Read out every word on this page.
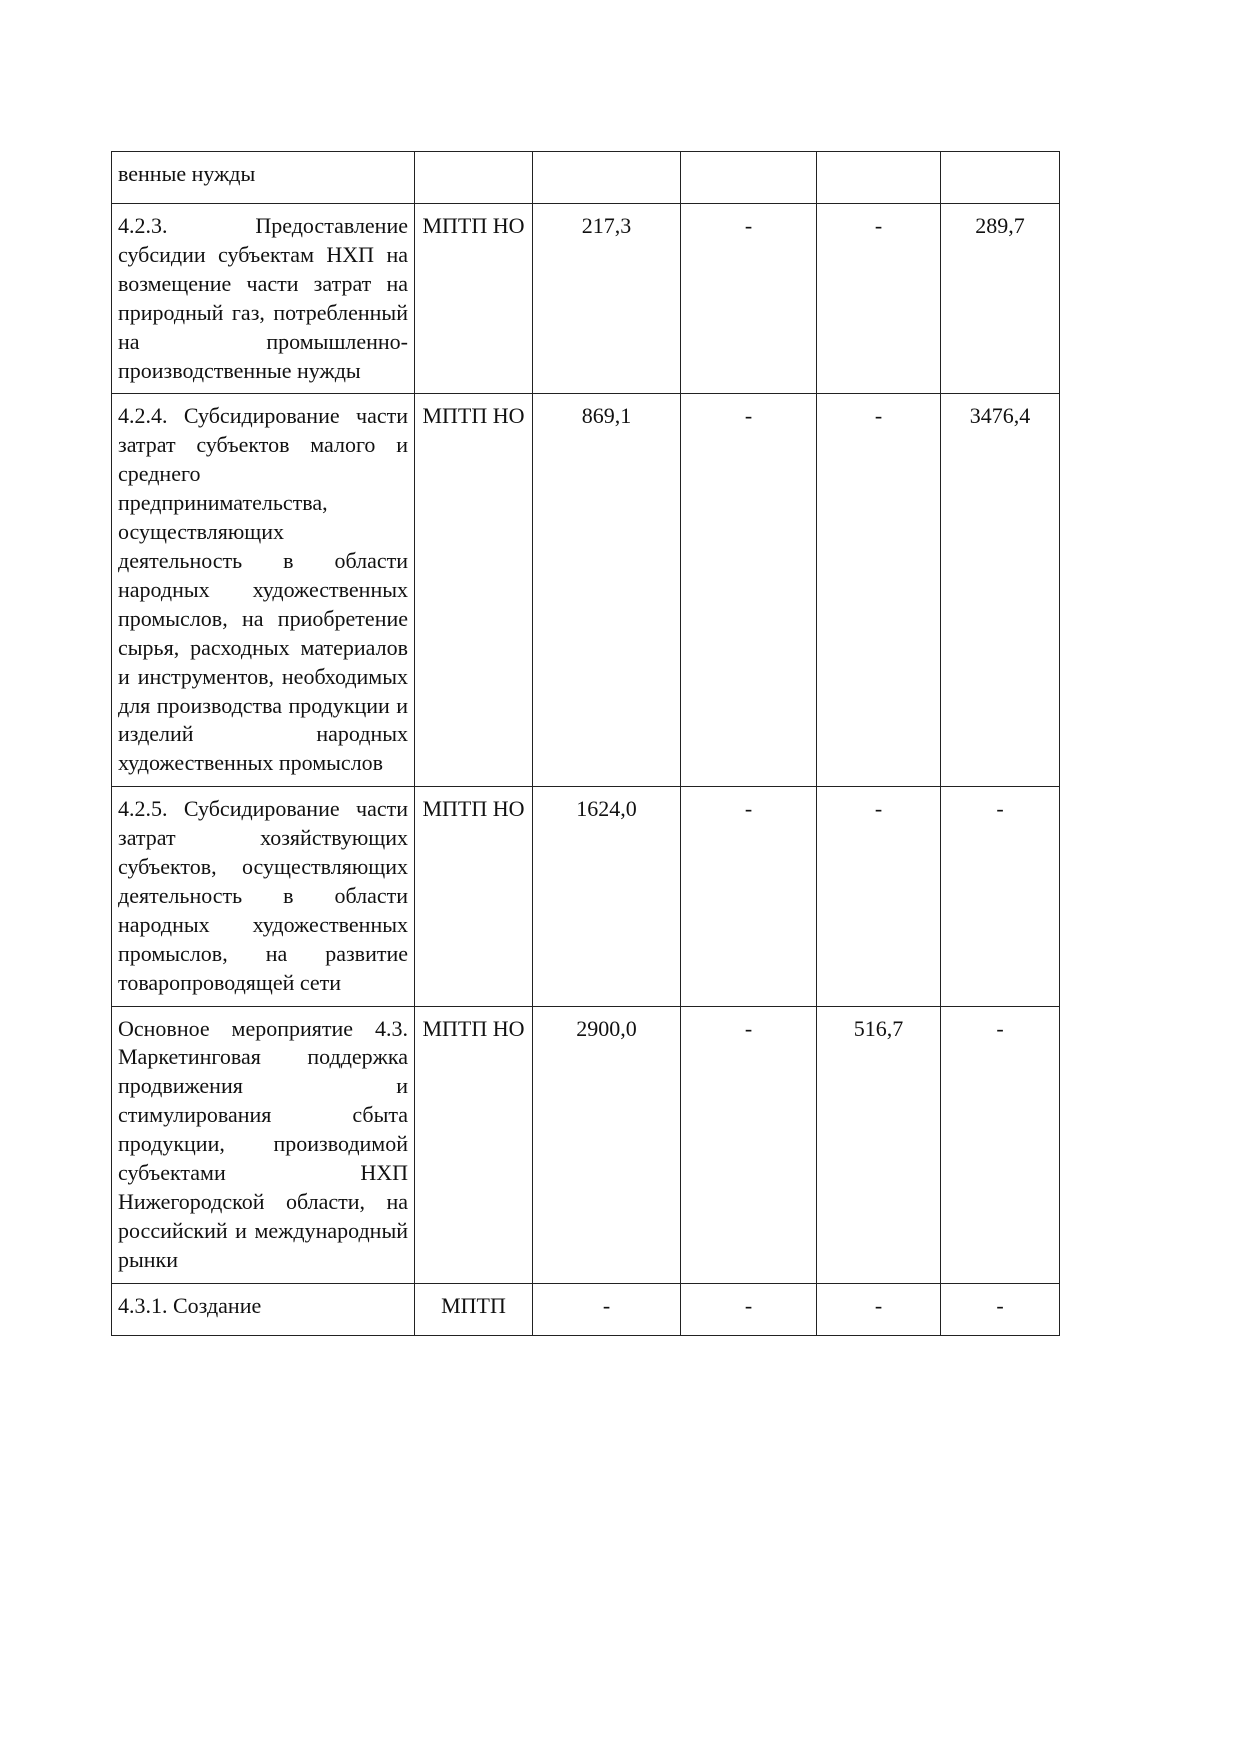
венные нужды					
4.2.3. Предоставление субсидии субъектам НХП на возмещение части затрат на природный газ, потребленный на промышленно-производственные нужды	МПТП НО	217,3	-	-	289,7
4.2.4. Субсидирование части затрат субъектов малого и среднего предпринимательства, осуществляющих деятельность в области народных художественных промыслов, на приобретение сырья, расходных материалов и инструментов, необходимых для производства продукции и изделий народных художественных промыслов	МПТП НО	869,1	-	-	3476,4
4.2.5. Субсидирование части затрат хозяйствующих субъектов, осуществляющих деятельность в области народных художественных промыслов, на развитие товаропроводящей сети	МПТП НО	1624,0	-	-	-
Основное мероприятие 4.3. Маркетинговая поддержка продвижения и стимулирования сбыта продукции, производимой субъектами НХП Нижегородской области, на российский и международный рынки	МПТП НО	2900,0	-	516,7	-
4.3.1. Создание	МПТП	-	-	-	-
